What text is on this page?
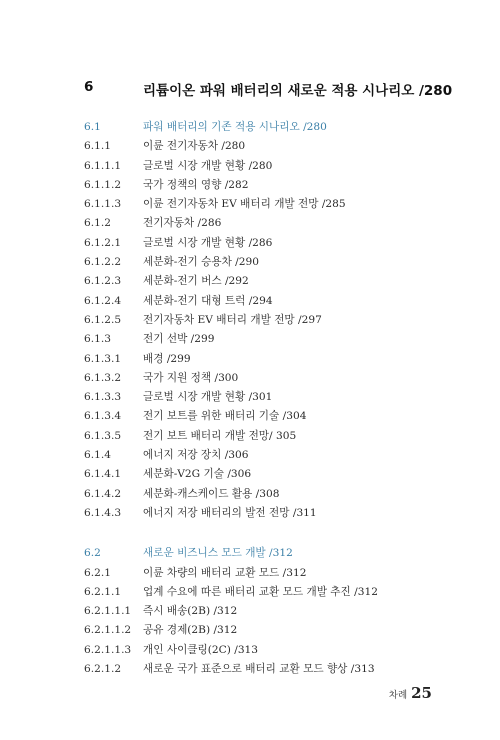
6	리튬이온 파워 배터리의 새로운 적용 시나리오 /280
6.1	파워 배터리의 기존 적용 시나리오 /280
6.1.1	이륜 전기자동차 /280
6.1.1.1 글로벌 시장 개발 현황 /280
6.1.1.2 국가 정책의 영향 /282
6.1.1.3 이륜 전기자동차 EV 배터리 개발 전망 /285
6.1.2	전기자동차 /286
6.1.2.1 글로벌 시장 개발 현황 /286
6.1.2.2 세분화-전기 승용차 /290
6.1.2.3 세분화-전기 버스 /292
6.1.2.4 세분화-전기 대형 트럭 /294
6.1.2.5 전기자동차 EV 배터리 개발 전망 /297
6.1.3	전기 선박 /299
6.1.3.1 배경 /299
6.1.3.2 국가 지원 정책 /300
6.1.3.3 글로벌 시장 개발 현황 /301
6.1.3.4 전기 보트를 위한 배터리 기술 /304
6.1.3.5 전기 보트 배터리 개발 전망/ 305
6.1.4	에너지 저장 장치 /306
6.1.4.1 세분화-V2G 기술 /306
6.1.4.2 세분화-캐스케이드 활용 /308
6.1.4.3 에너지 저장 배터리의 발전 전망 /311
6.2	새로운 비즈니스 모드 개발 /312
6.2.1	이륜 차량의 배터리 교환 모드 /312
6.2.1.1 업계 수요에 따른 배터리 교환 모드 개발 추진 /312
6.2.1.1.1 즉시 배송(2B) /312
6.2.1.1.2 공유 경제(2B) /312
6.2.1.1.3 개인 사이클링(2C) /313
6.2.1.2 새로운 국가 표준으로 배터리 교환 모드 향상 /313
차례 25
